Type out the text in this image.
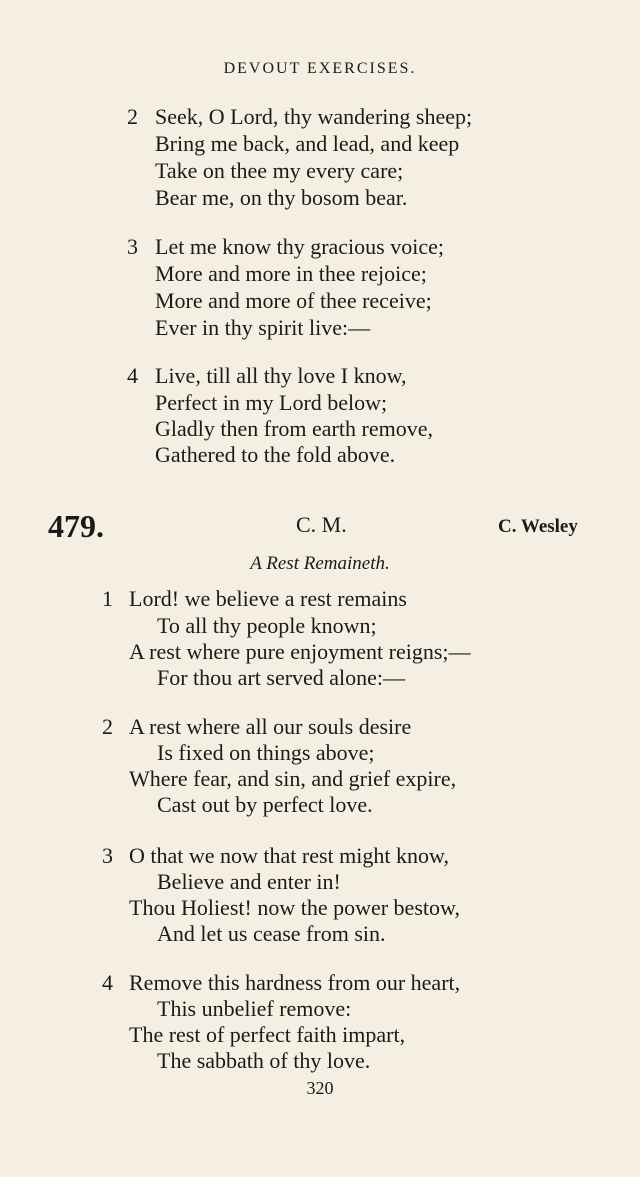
DEVOUT EXERCISES.
2 Seek, O Lord, thy wandering sheep;
Bring me back, and lead, and keep
Take on thee my every care;
Bear me, on thy bosom bear.
3 Let me know thy gracious voice;
More and more in thee rejoice;
More and more of thee receive;
Ever in thy spirit live:—
4 Live, till all thy love I know,
Perfect in my Lord below;
Gladly then from earth remove,
Gathered to the fold above.
479.	C. M.	C. Wesley
A Rest Remaineth.
1 Lord! we believe a rest remains
To all thy people known;
A rest where pure enjoyment reigns;—
For thou art served alone:—
2 A rest where all our souls desire
Is fixed on things above;
Where fear, and sin, and grief expire,
Cast out by perfect love.
3 O that we now that rest might know,
Believe and enter in!
Thou Holiest! now the power bestow,
And let us cease from sin.
4 Remove this hardness from our heart,
This unbelief remove:
The rest of perfect faith impart,
The sabbath of thy love.
320
